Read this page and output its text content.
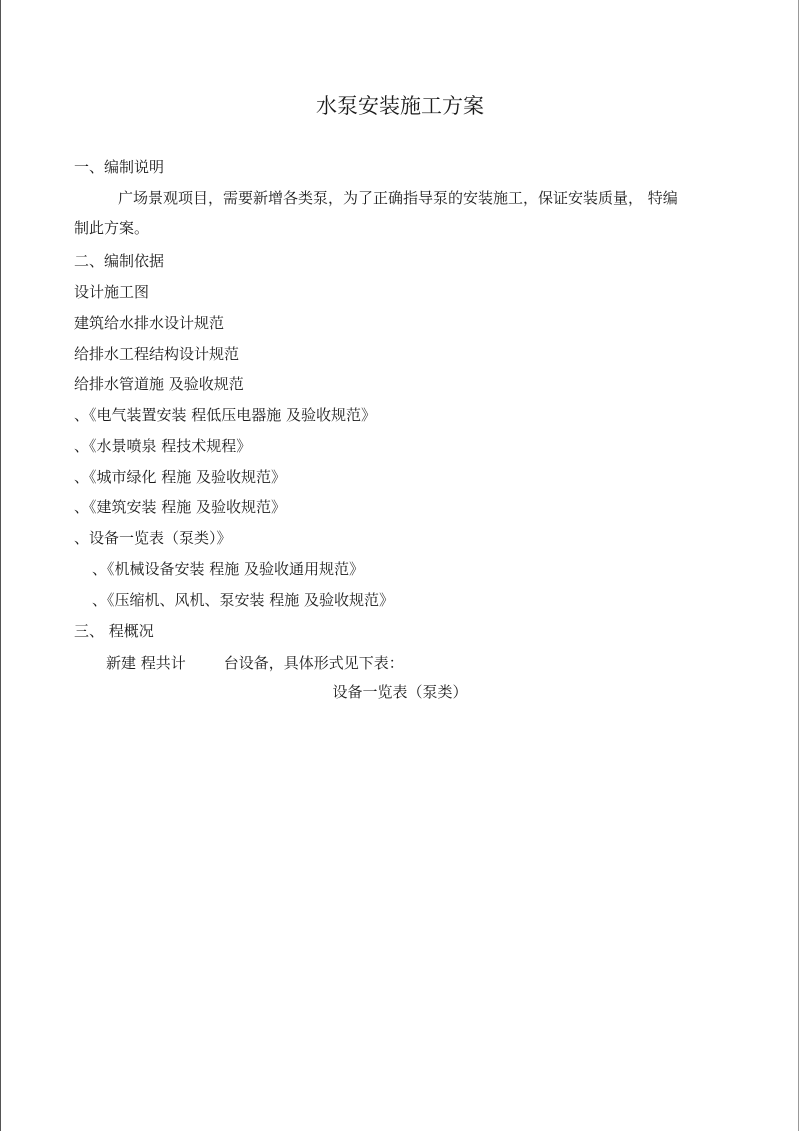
水泵安装施工方案
一、编制说明
广场景观项目，需要新增各类泵，为了正确指导泵的安装施工，保证安装质量， 特编
制此方案。
二、编制依据
设计施工图
建筑给水排水设计规范
给排水工程结构设计规范
给排水管道施 及验收规范
、《电气装置安装 程低压电器施 及验收规范》
、《水景喷泉 程技术规程》
、《城市绿化 程施 及验收规范》
、《建筑安装 程施 及验收规范》
、设备一览表（泵类）》
、《机械设备安装 程施 及验收通用规范》
、《压缩机、风机、泵安装 程施 及验收规范》
三、 程概况
新建 程共计	台设备，具体形式见下表：
设备一览表（泵类）
